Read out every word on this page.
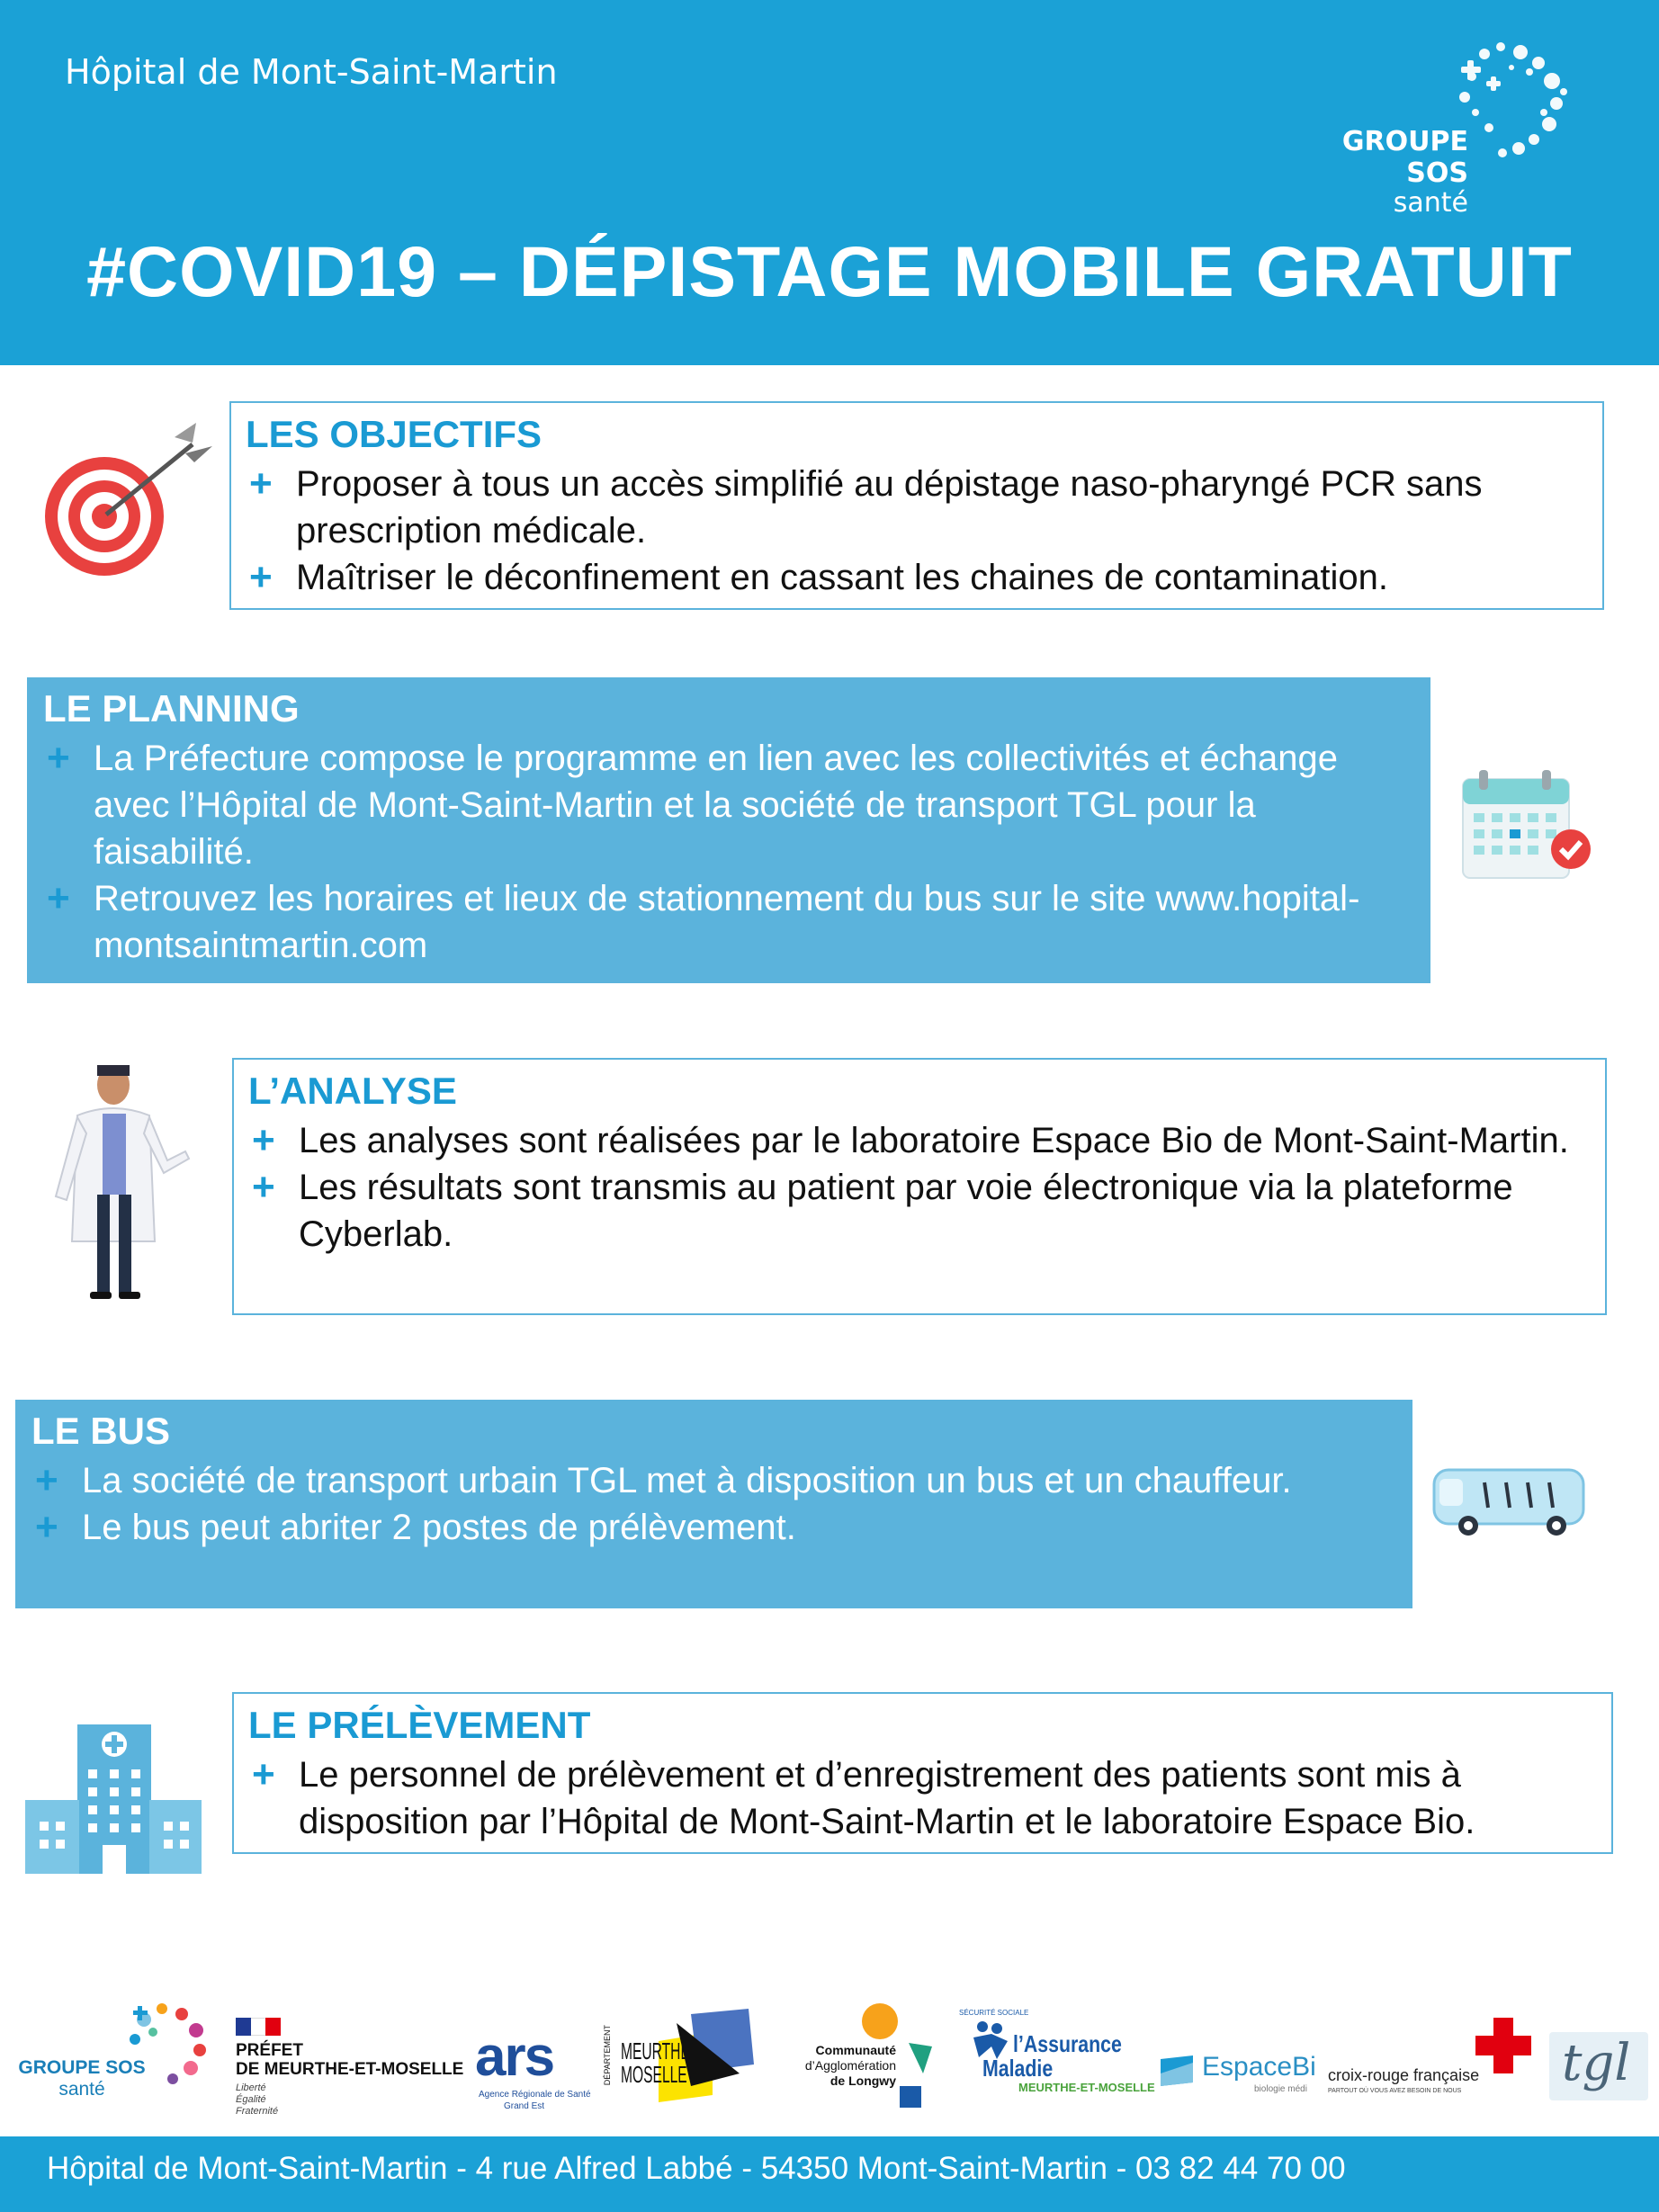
Hôpital de Mont-Saint-Martin
GROUPE SOS
santé
#COVID19 – DÉPISTAGE MOBILE GRATUIT
LES OBJECTIFS
+ Proposer à tous un accès simplifié au dépistage naso-pharyngé PCR sans prescription médicale.
+ Maîtriser le déconfinement en cassant les chaines de contamination.
LE PLANNING
+ La Préfecture compose le programme en lien avec les collectivités et échange avec l’Hôpital de Mont-Saint-Martin et la société de transport TGL pour la faisabilité.
+ Retrouvez les horaires et lieux de stationnement du bus sur le site www.hopital-montsaintmartin.com
L’ANALYSE
+ Les analyses sont réalisées par le laboratoire Espace Bio de Mont-Saint-Martin.
+ Les résultats sont transmis au patient par voie électronique via la plateforme Cyberlab.
LE BUS
+ La société de transport urbain TGL met à disposition un bus et un chauffeur.
+ Le bus peut abriter 2 postes de prélèvement.
LE PRÉLÈVEMENT
+ Le personnel de prélèvement et d’enregistrement des patients sont mis à disposition par l’Hôpital de Mont-Saint-Martin et le laboratoire Espace Bio.
GROUPE SOS
santé
PRÉFET
DE MEURTHE-ET-MOSELLE
Liberté
Égalité
Fraternité
ars
Agence Régionale de Santé
Grand Est
DÉPARTEMENT MEURTHE
MOSELLE
Communauté
d’Agglomération
de Longwy
SÉCURITÉ SOCIALE
l’Assurance
Maladie
MEURTHE-ET-MOSELLE
EspaceBi
biologie médi
croix-rouge française
PARTOUT OÙ VOUS AVEZ BESOIN DE NOUS tgl
Hôpital de Mont-Saint-Martin - 4 rue Alfred Labbé - 54350 Mont-Saint-Martin - 03 82 44 70 00
